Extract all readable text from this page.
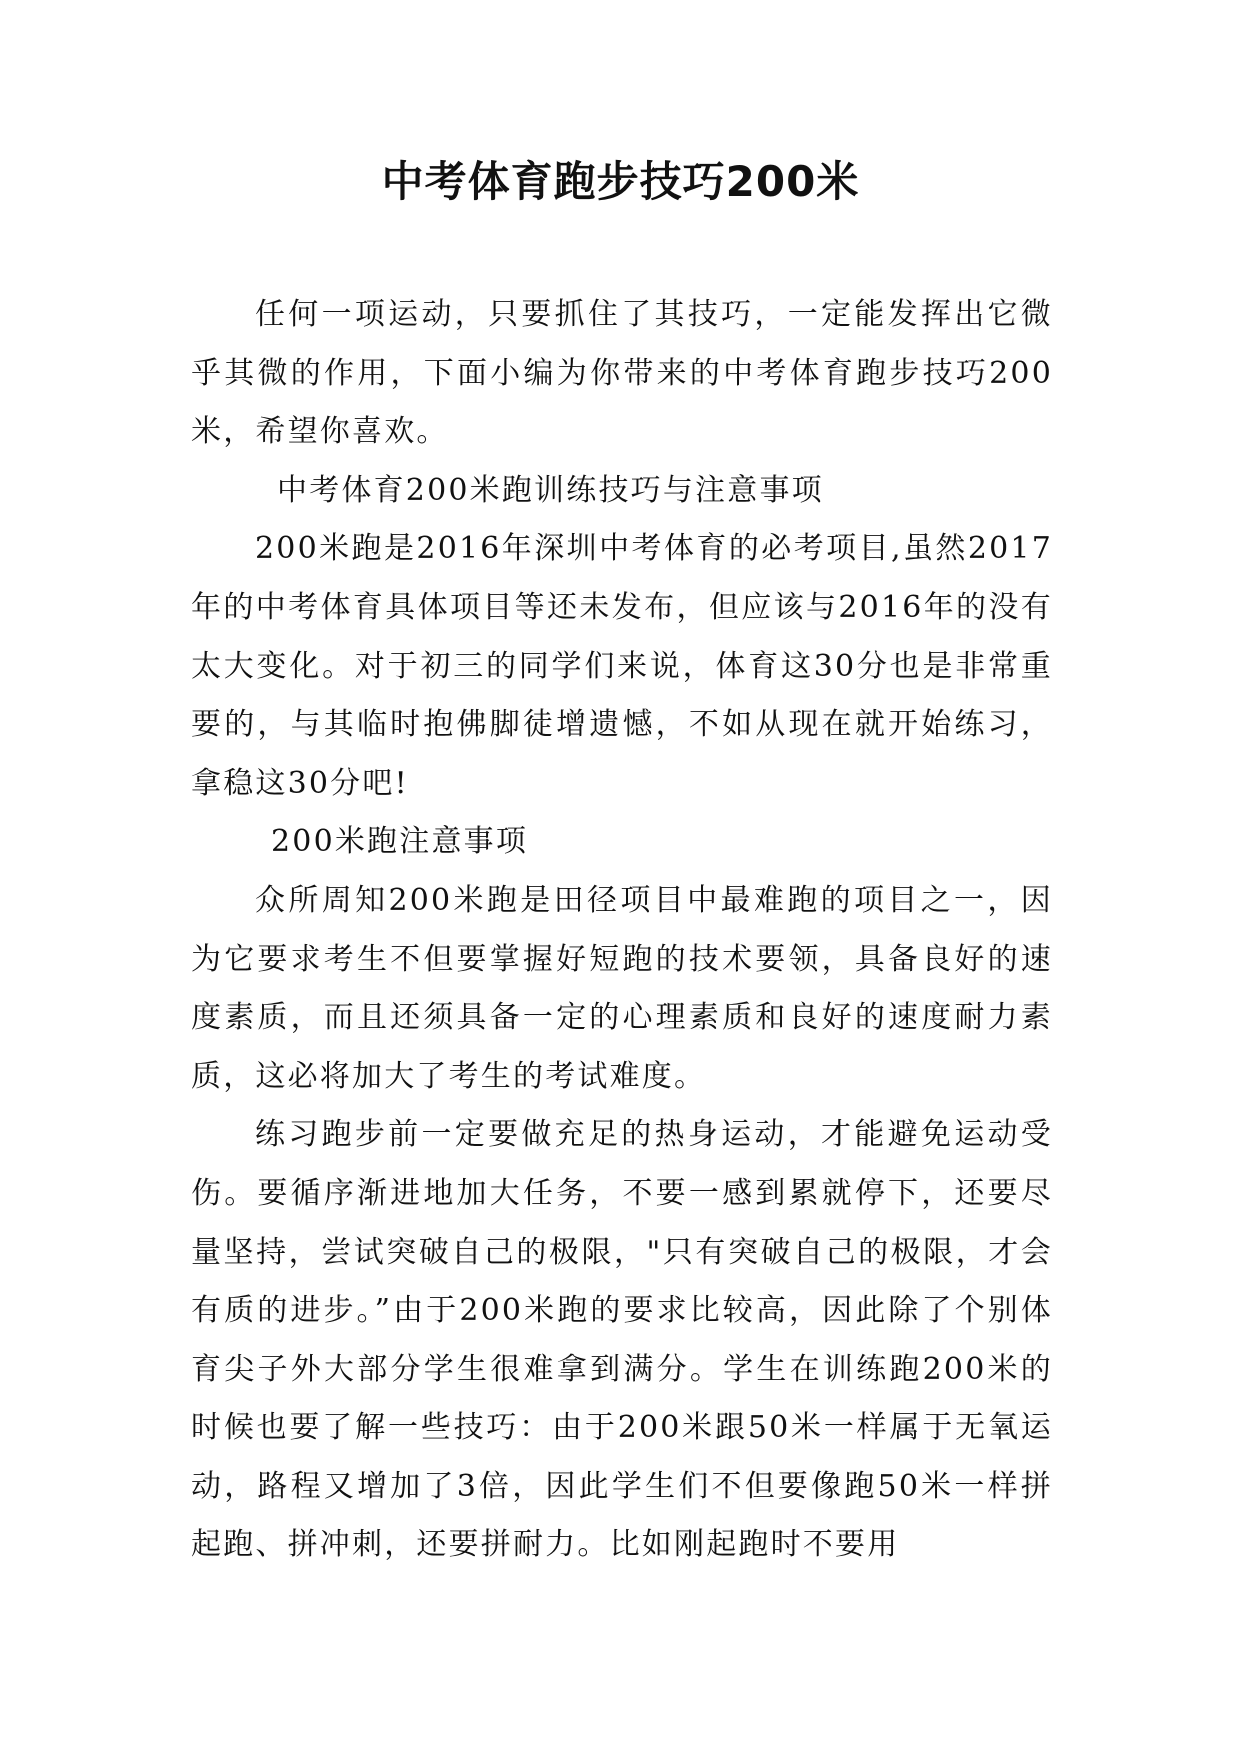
中考体育跑步技巧200米

任何一项运动，只要抓住了其技巧，一定能发挥出它微乎其微的作用，下面小编为你带来的中考体育跑步技巧200米，希望你喜欢。

中考体育200米跑训练技巧与注意事项

200米跑是2016年深圳中考体育的必考项目,虽然2017年的中考体育具体项目等还未发布，但应该与2016年的没有太大变化。对于初三的同学们来说，体育这30分也是非常重要的，与其临时抱佛脚徒增遗憾，不如从现在就开始练习，拿稳这30分吧!

200米跑注意事项

众所周知200米跑是田径项目中最难跑的项目之一，因为它要求考生不但要掌握好短跑的技术要领，具备良好的速度素质，而且还须具备一定的心理素质和良好的速度耐力素质，这必将加大了考生的考试难度。

练习跑步前一定要做充足的热身运动，才能避免运动受伤。要循序渐进地加大任务，不要一感到累就停下，还要尽量坚持，尝试突破自己的极限，"只有突破自己的极限，才会有质的进步。”由于200米跑的要求比较高，因此除了个别体育尖子外大部分学生很难拿到满分。学生在训练跑200米的时候也要了解一些技巧：由于200米跟50米一样属于无氧运动，路程又增加了3倍，因此学生们不但要像跑50米一样拼起跑、拼冲刺，还要拼耐力。比如刚起跑时不要用
